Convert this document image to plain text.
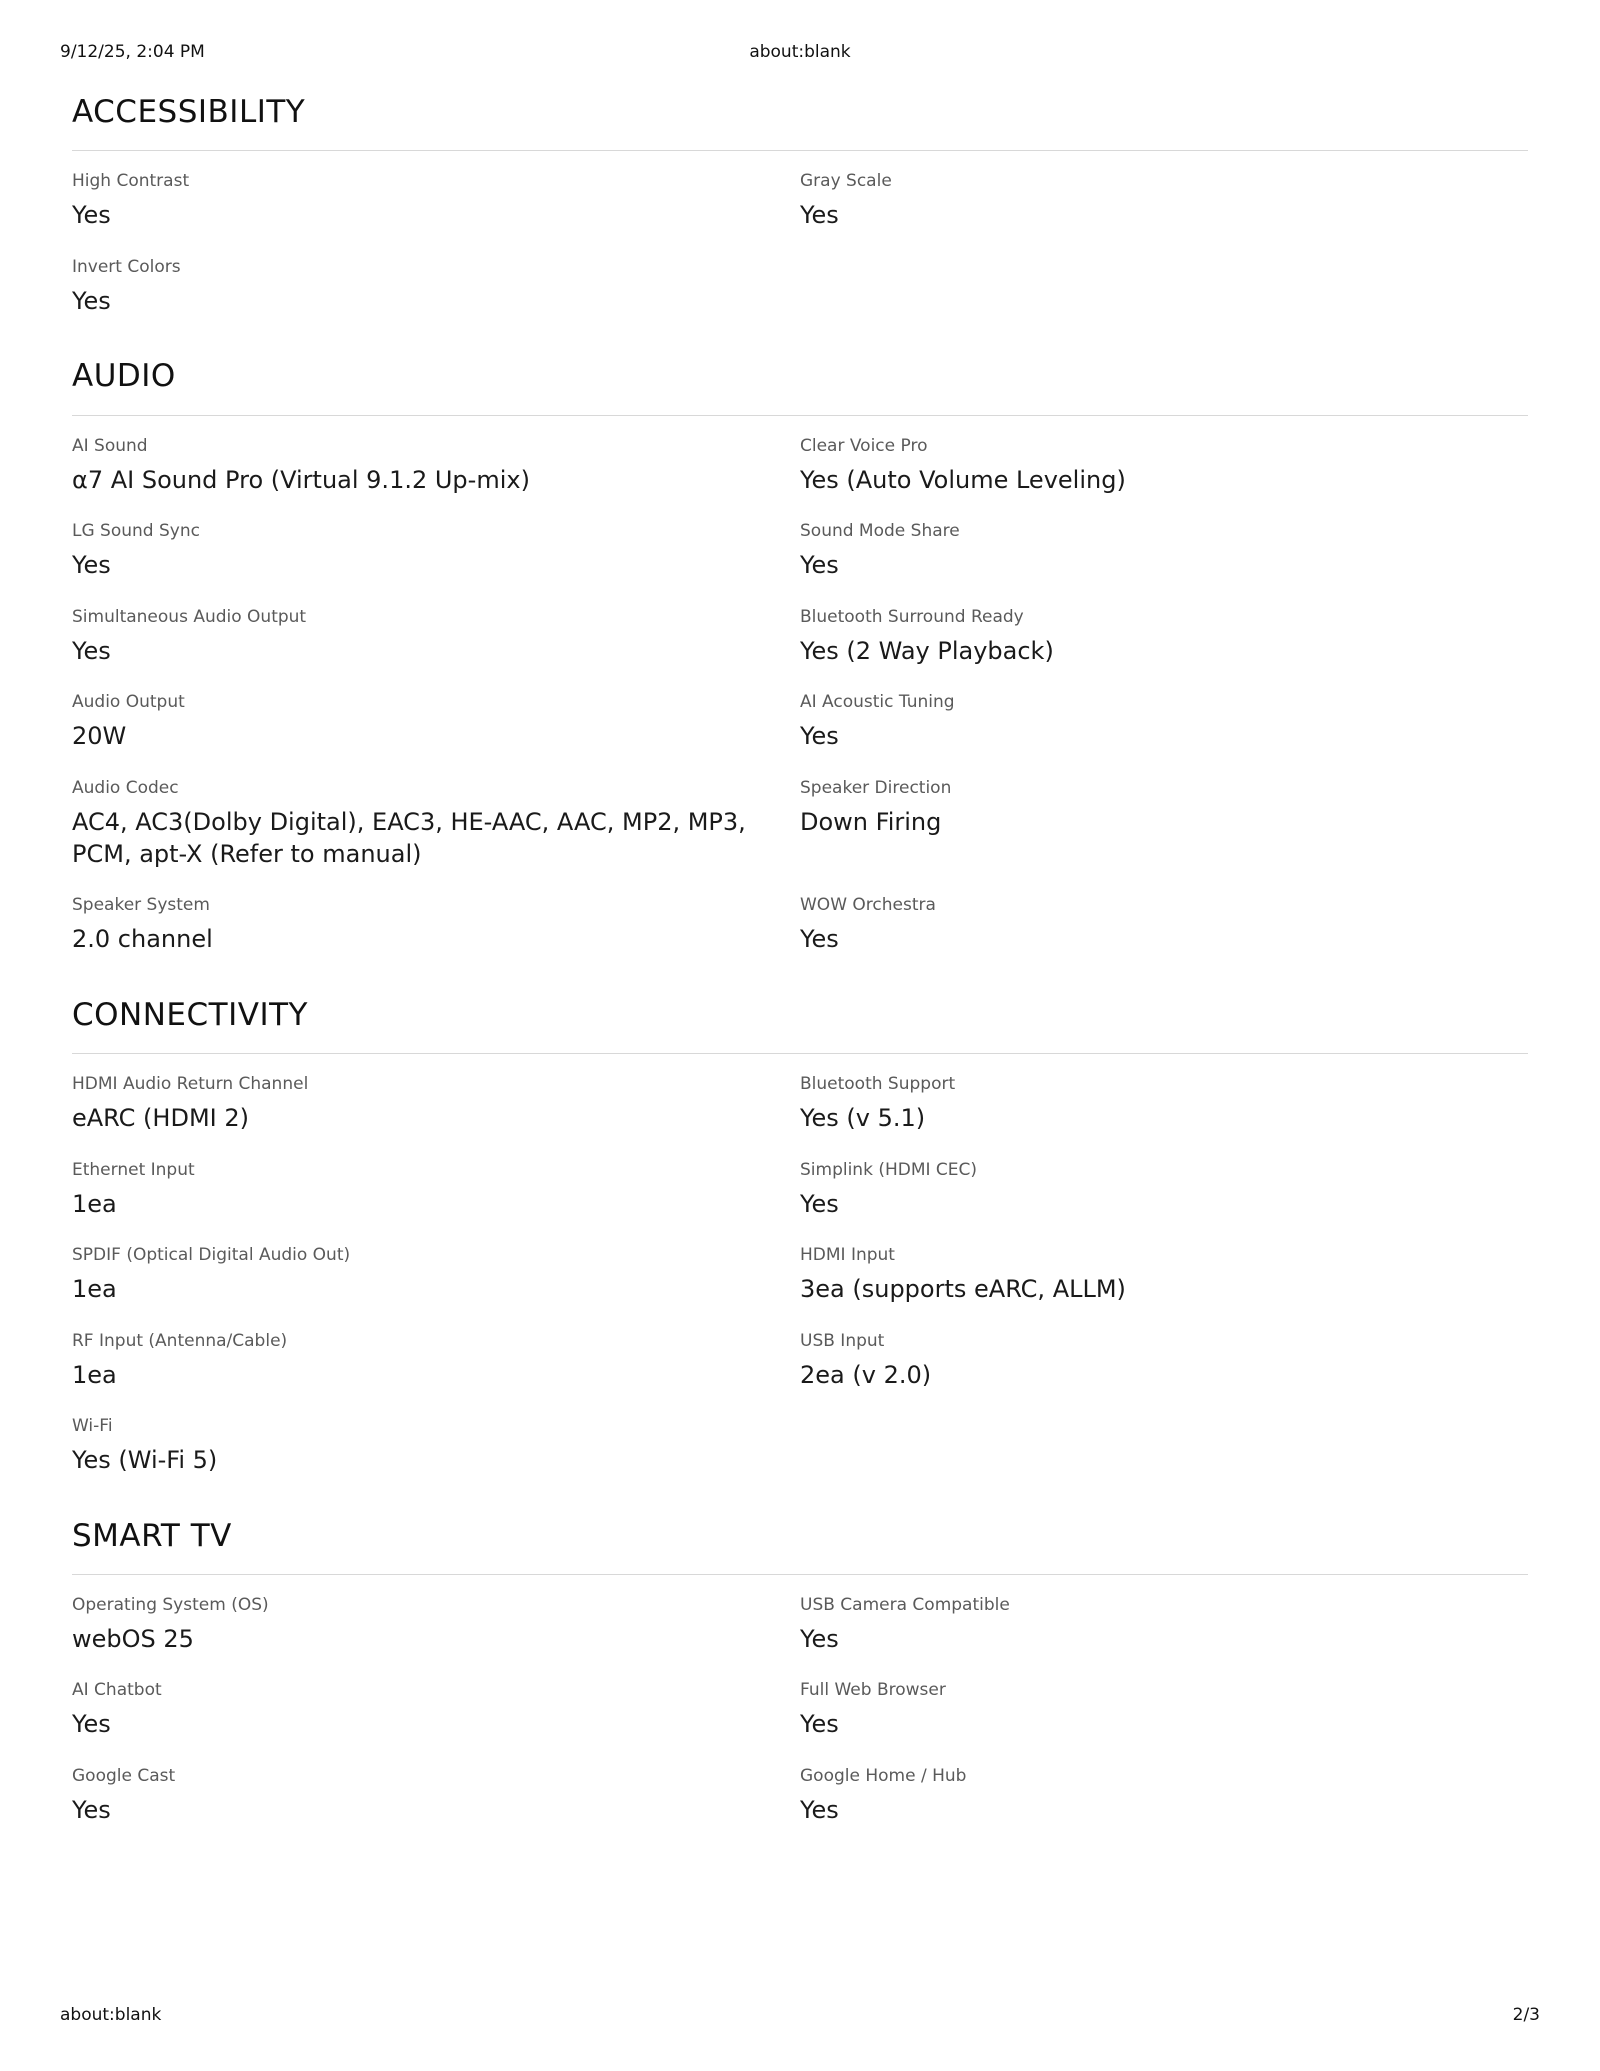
9/12/25, 2:04 PM	about:blank
ACCESSIBILITY
High Contrast
Yes
Gray Scale
Yes
Invert Colors
Yes
AUDIO
AI Sound
α7 AI Sound Pro (Virtual 9.1.2 Up-mix)
Clear Voice Pro
Yes (Auto Volume Leveling)
LG Sound Sync
Yes
Sound Mode Share
Yes
Simultaneous Audio Output
Yes
Bluetooth Surround Ready
Yes (2 Way Playback)
Audio Output
20W
AI Acoustic Tuning
Yes
Audio Codec
AC4, AC3(Dolby Digital), EAC3, HE-AAC, AAC, MP2, MP3, PCM, apt-X (Refer to manual)
Speaker Direction
Down Firing
Speaker System
2.0 channel
WOW Orchestra
Yes
CONNECTIVITY
HDMI Audio Return Channel
eARC (HDMI 2)
Bluetooth Support
Yes (v 5.1)
Ethernet Input
1ea
Simplink (HDMI CEC)
Yes
SPDIF (Optical Digital Audio Out)
1ea
HDMI Input
3ea (supports eARC, ALLM)
RF Input (Antenna/Cable)
1ea
USB Input
2ea (v 2.0)
Wi-Fi
Yes (Wi-Fi 5)
SMART TV
Operating System (OS)
webOS 25
USB Camera Compatible
Yes
AI Chatbot
Yes
Full Web Browser
Yes
Google Cast
Yes
Google Home / Hub
Yes
about:blank	2/3
